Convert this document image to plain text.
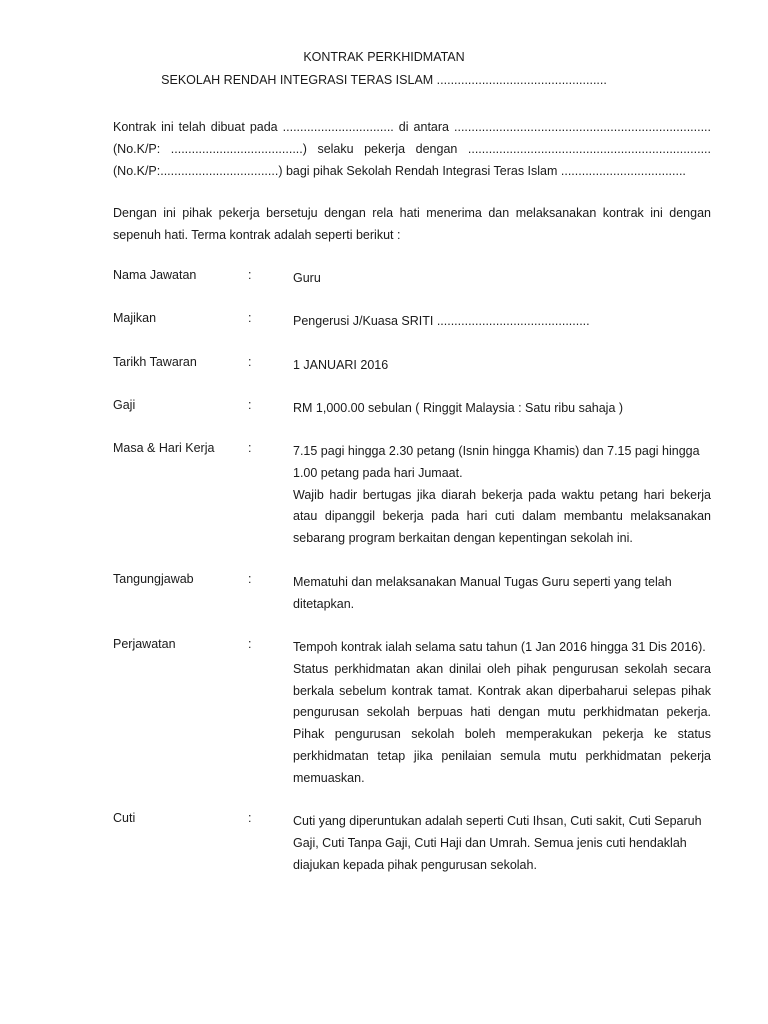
KONTRAK PERKHIDMATAN
SEKOLAH RENDAH INTEGRASI TERAS ISLAM .................................................

Kontrak ini telah dibuat pada ................................ di antara ..........................................................................(No.K/P: ......................................) selaku pekerja dengan ...................................................................... (No.K/P:..................................) bagi pihak Sekolah Rendah Integrasi Teras Islam ....................................

Dengan ini pihak pekerja bersetuju dengan rela hati menerima dan melaksanakan kontrak ini dengan sepenuh hati. Terma kontrak adalah seperti berikut :

Nama Jawatan	:	Guru

Majikan	:	Pengerusi J/Kuasa SRITI ............................................

Tarikh Tawaran	:	1 JANUARI 2016

Gaji	:	RM 1,000.00 sebulan ( Ringgit Malaysia : Satu ribu sahaja )

Masa & Hari Kerja	:	7.15 pagi hingga 2.30 petang (Isnin hingga Khamis) dan 7.15 pagi hingga 1.00 petang pada hari Jumaat.

Wajib hadir bertugas jika diarah bekerja pada waktu petang hari bekerja atau dipanggil bekerja pada hari cuti dalam membantu melaksanakan sebarang program berkaitan dengan kepentingan sekolah ini.

Tangungjawab	:	Mematuhi dan melaksanakan Manual Tugas Guru seperti yang telah ditetapkan.

Perjawatan	:	Tempoh kontrak ialah selama satu tahun (1 Jan 2016 hingga 31 Dis 2016).

Status perkhidmatan akan dinilai oleh pihak pengurusan sekolah secara berkala sebelum kontrak tamat. Kontrak akan diperbaharui selepas pihak pengurusan sekolah berpuas hati dengan mutu perkhidmatan pekerja. Pihak pengurusan sekolah boleh memperakukan pekerja ke status perkhidmatan tetap jika penilaian semula mutu perkhidmatan pekerja memuaskan.

Cuti	:	Cuti yang diperuntukan adalah seperti Cuti Ihsan, Cuti sakit, Cuti Separuh Gaji, Cuti Tanpa Gaji, Cuti Haji dan Umrah. Semua jenis cuti hendaklah diajukan kepada pihak pengurusan sekolah.
